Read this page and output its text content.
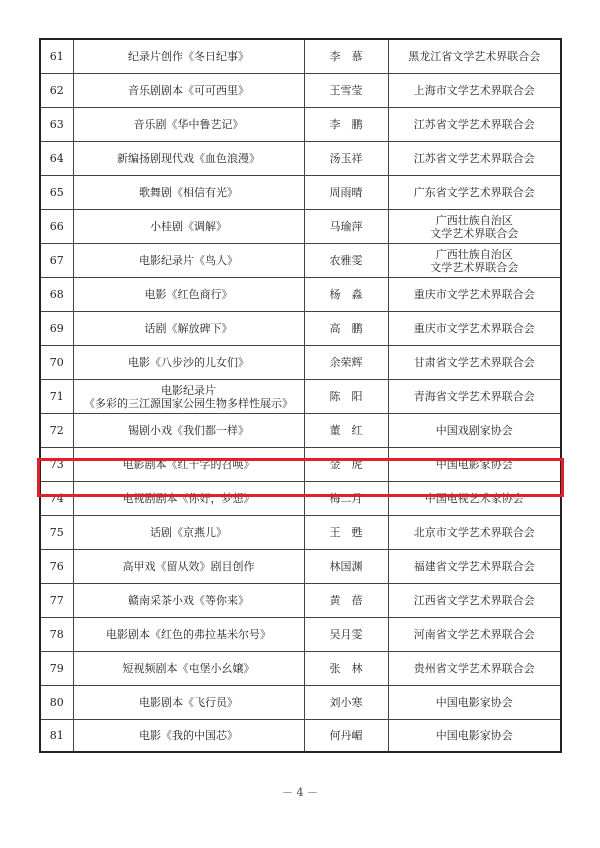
61	纪录片创作《冬日纪事》	李　慕	黑龙江省文学艺术界联合会

62	音乐剧剧本《可可西里》	王雪莹	上海市文学艺术界联合会

63	音乐剧《华中鲁艺记》	李　鹏	江苏省文学艺术界联合会

64	新编扬剧现代戏《血色浪漫》	汤玉祥	江苏省文学艺术界联合会

65	歌舞剧《相信有光》	周雨晴	广东省文学艺术界联合会

66	小桂剧《调解》	马瑜萍	广西壮族自治区
文学艺术界联合会

67	电影纪录片《鸟人》	农雅雯	广西壮族自治区
文学艺术界联合会

68	电影《红色商行》	杨　淼	重庆市文学艺术界联合会

69	话剧《解放碑下》	高　鹏	重庆市文学艺术界联合会

70	电影《八步沙的儿女们》	余荣辉	甘肃省文学艺术界联合会

71	电影纪录片
《多彩的三江源国家公园生物多样性展示》	陈　阳	青海省文学艺术界联合会

72	锡剧小戏《我们都一样》	董　红	中国戏剧家协会

73	电影剧本《红十字的召唤》	金　虎	中国电影家协会

74	电视剧剧本《你好，梦想》	梅二月	中国电视艺术家协会

75	话剧《京燕儿》	王　甦	北京市文学艺术界联合会

76	高甲戏《留从效》剧目创作	林国渊	福建省文学艺术界联合会

77	赣南采茶小戏《等你来》	黄　蓓	江西省文学艺术界联合会

78	电影剧本《红色的弗拉基米尔号》	吴月雯	河南省文学艺术界联合会

79	短视频剧本《屯堡小幺嬢》	张　林	贵州省文学艺术界联合会

80	电影剧本《飞行员》	刘小寒	中国电影家协会

81	电影《我的中国芯》	何丹嵋	中国电影家协会
－ 4 －
